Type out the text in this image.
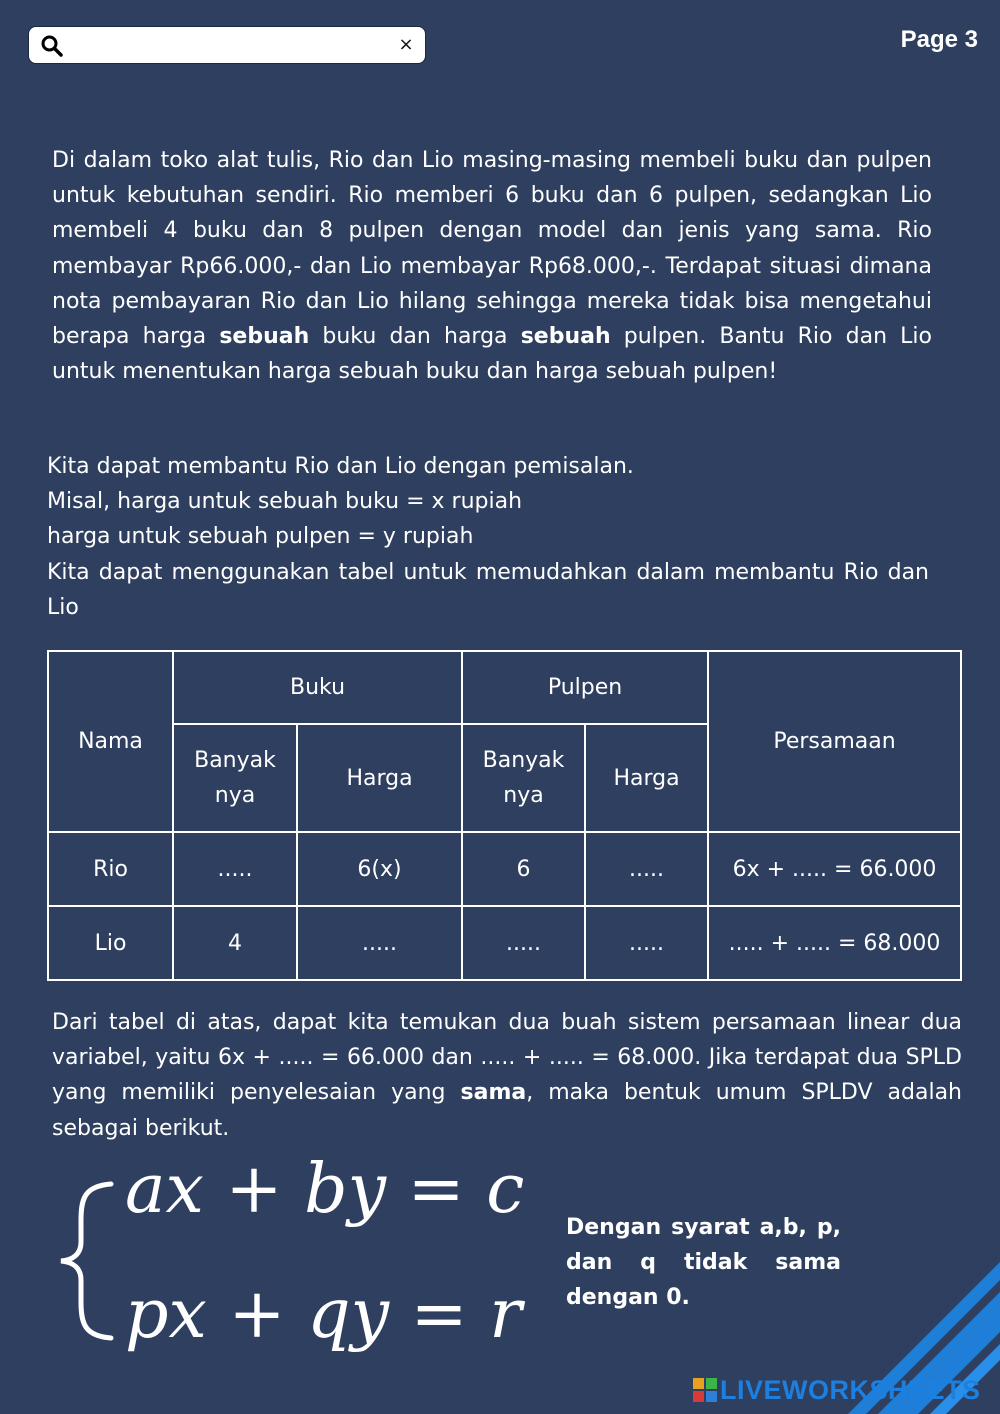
×	Page 3

Di dalam toko alat tulis, Rio dan Lio masing-masing membeli buku dan pulpen untuk kebutuhan sendiri. Rio memberi 6 buku dan 6 pulpen, sedangkan Lio membeli 4 buku dan 8 pulpen dengan model dan jenis yang sama. Rio membayar Rp66.000,- dan Lio membayar Rp68.000,-. Terdapat situasi dimana nota pembayaran Rio dan Lio hilang sehingga mereka tidak bisa mengetahui berapa harga sebuah buku dan harga sebuah pulpen. Bantu Rio dan Lio untuk menentukan harga sebuah buku dan harga sebuah pulpen!

Kita dapat membantu Rio dan Lio dengan pemisalan.
Misal, harga untuk sebuah buku = x rupiah
harga untuk sebuah pulpen = y rupiah
Kita dapat menggunakan tabel untuk memudahkan dalam membantu Rio dan Lio
Nama	Buku		Pulpen		Persamaan
	Banyak nya	Harga	Banyak nya	Harga	
Rio	.....	6(x)	6	.....	6x + ..... = 66.000
Lio	4	.....	.....	.....	..... + ..... = 68.000

Dari tabel di atas, dapat kita temukan dua buah sistem persamaan linear dua variabel, yaitu 6x + ..... = 66.000 dan ..... + ..... = 68.000. Jika terdapat dua SPLD yang memiliki penyelesaian yang sama, maka bentuk umum SPLDV adalah sebagai berikut.

ax + by = c
px + qy = r

Dengan syarat a,b, p, dan q tidak sama dengan 0.

LIVEWORKSHEETS
